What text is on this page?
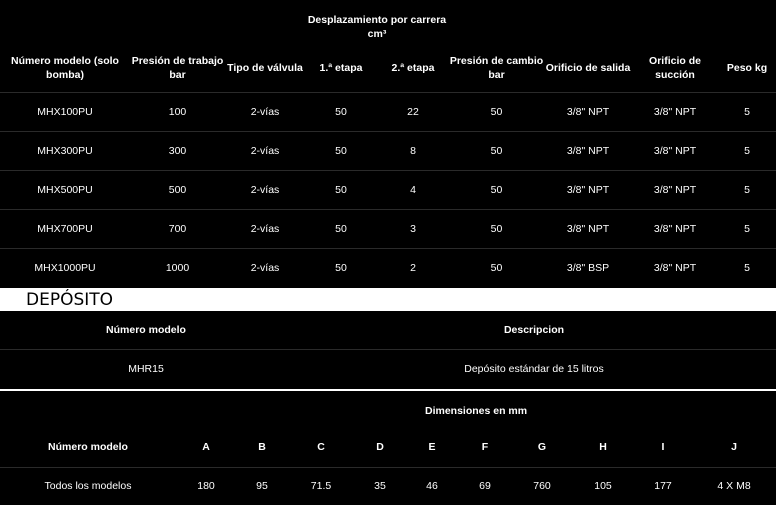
			Desplazamiento por carrera cm³					
Número modelo (solo bomba)	Presión de trabajo bar	Tipo de válvula	1.ª etapa	2.ª etapa	Presión de cambio bar	Orificio de salida	Orificio de succión	Peso kg
MHX100PU	100	2-vías	50	22	50	3/8" NPT	3/8" NPT	5
MHX300PU	300	2-vías	50	8	50	3/8" NPT	3/8" NPT	5
MHX500PU	500	2-vías	50	4	50	3/8" NPT	3/8" NPT	5
MHX700PU	700	2-vías	50	3	50	3/8" NPT	3/8" NPT	5
MHX1000PU	1000	2-vías	50	2	50	3/8" BSP	3/8" NPT	5
DEPÓSITO
Número modelo	Descripcion
MHR15	Depósito estándar de 15 litros
	Dimensiones en mm									
Número modelo	A	B	C	D	E	F	G	H	I	J
Todos los modelos	180	95	71.5	35	46	69	760	105	177	4 X M8
